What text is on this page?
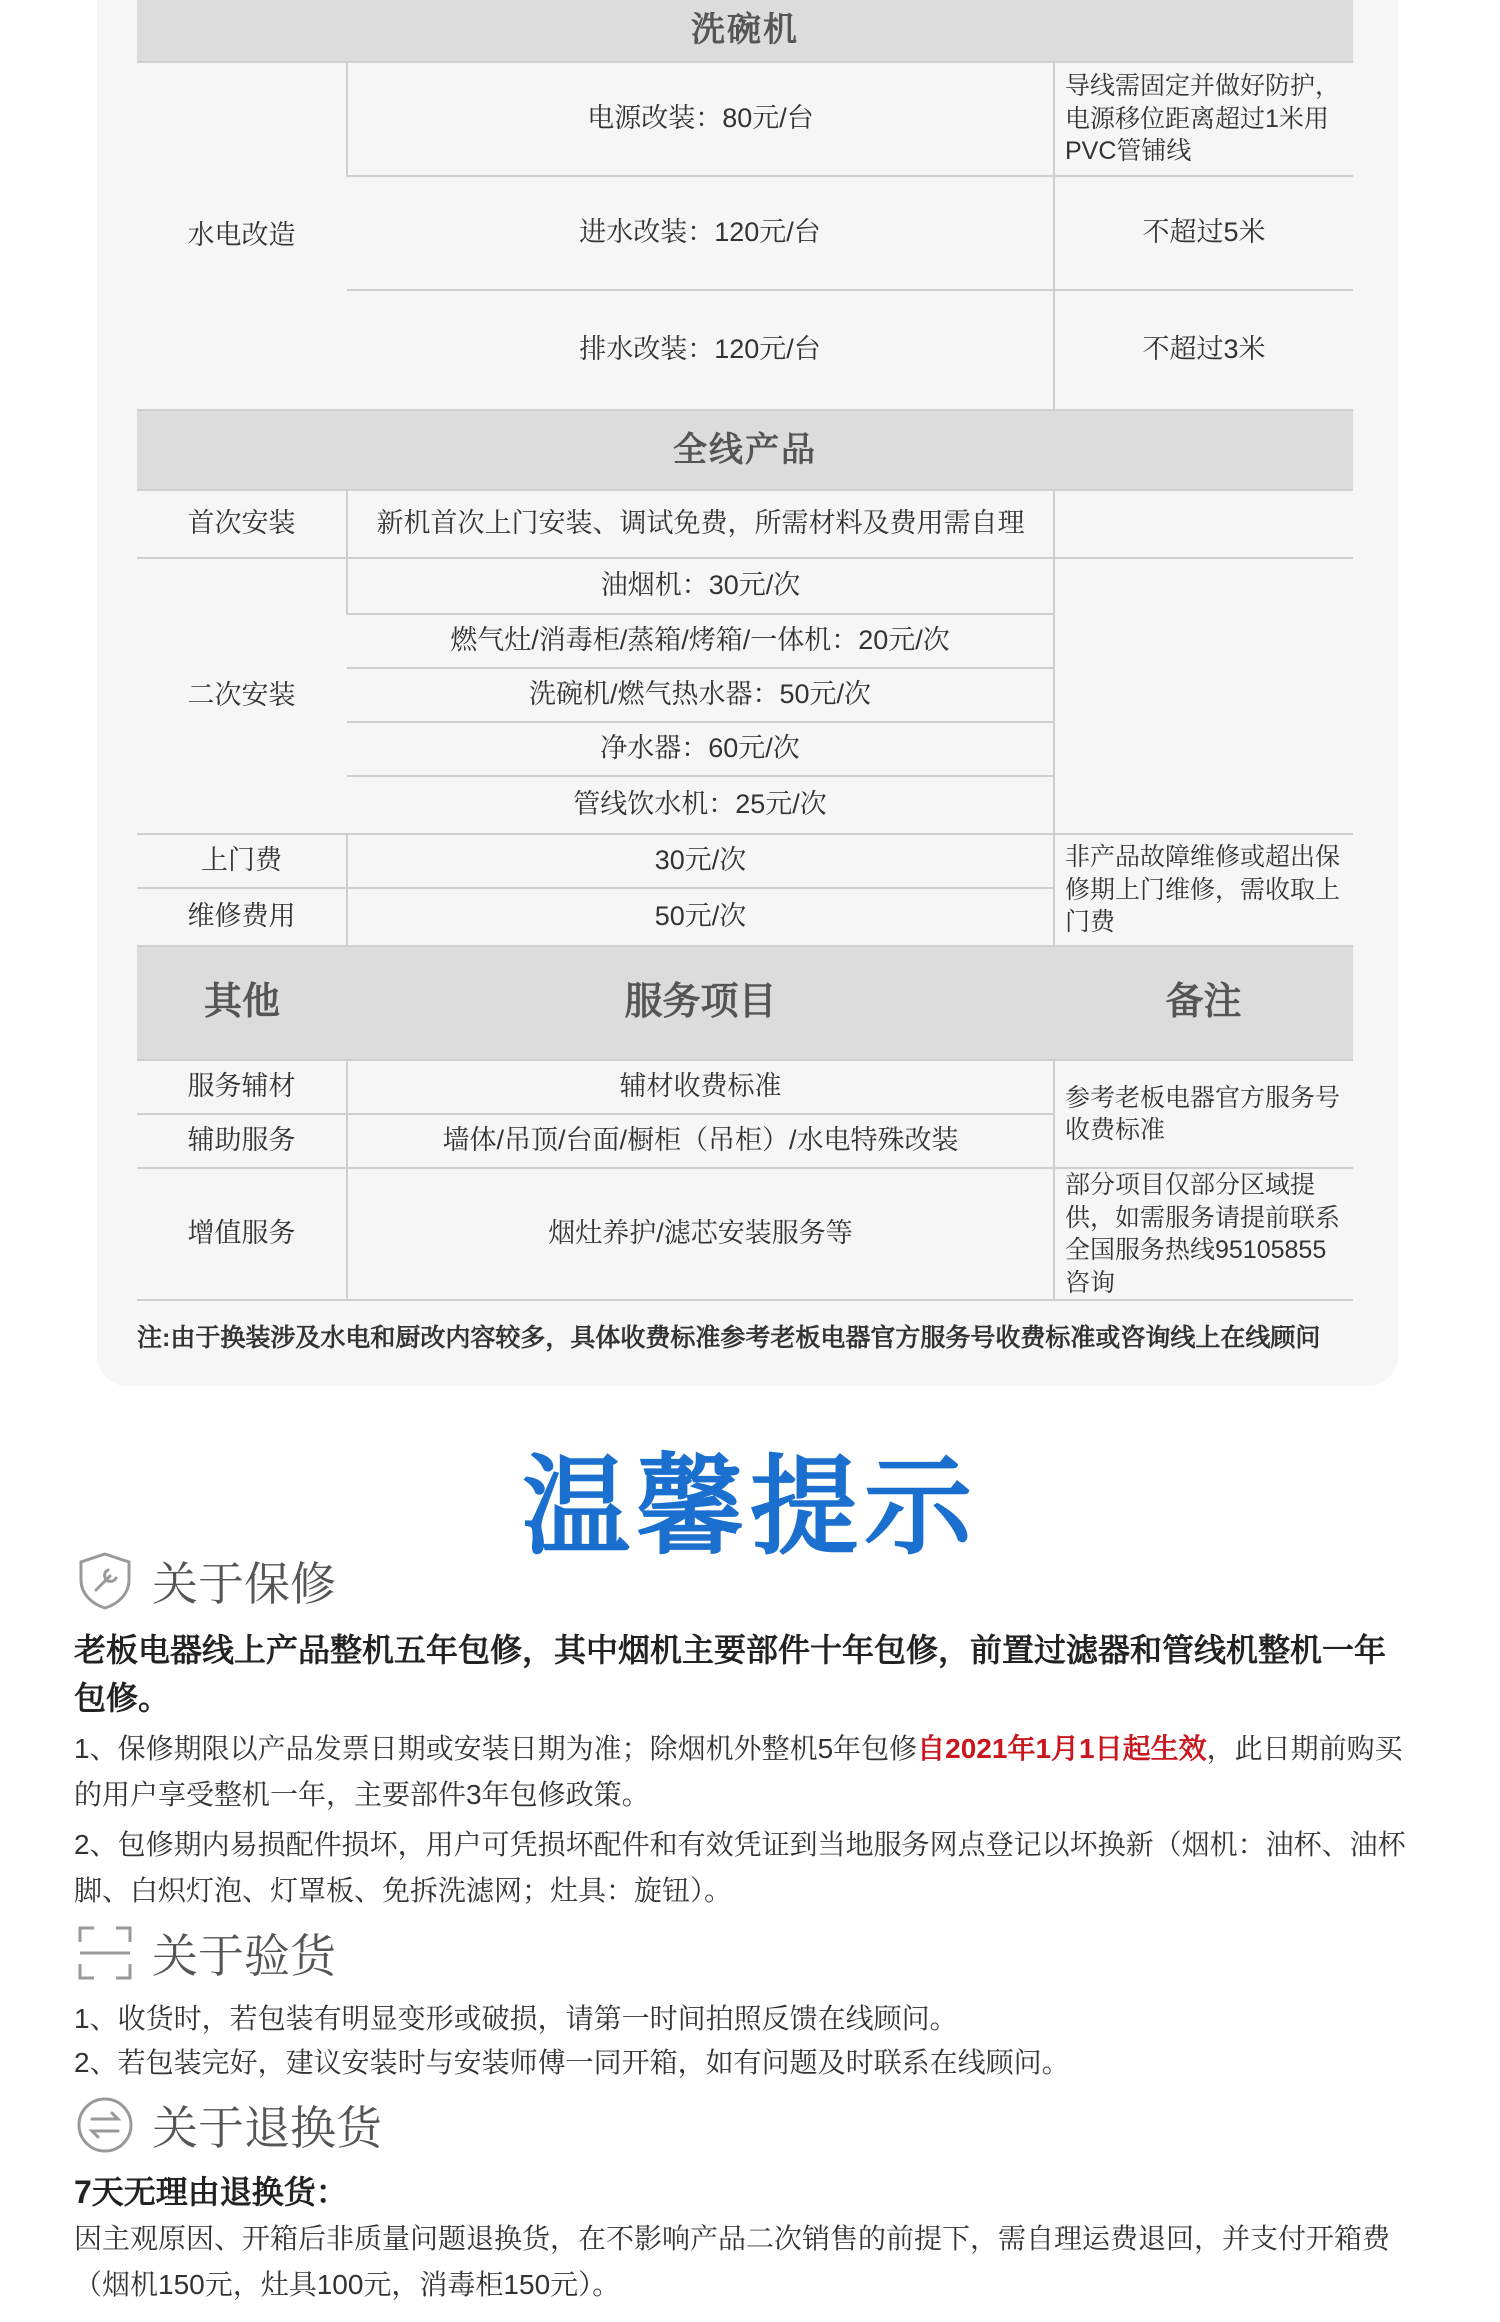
洗碗机		
水电改造	电源改装：80元/台	导线需固定并做好防护，电源移位距离超过1米用PVC管铺线
	进水改装：120元/台	不超过5米
	排水改装：120元/台	不超过3米
全线产品		
首次安装	新机首次上门安装、调试免费，所需材料及费用需自理	
二次安装	油烟机：30元/次	
	燃气灶/消毒柜/蒸箱/烤箱/一体机：20元/次	
	洗碗机/燃气热水器：50元/次	
	净水器：60元/次	
	管线饮水机：25元/次	
上门费	30元/次	非产品故障维修或超出保修期上门维修，需收取上门费
维修费用	50元/次	
其他	服务项目	备注
服务辅材	辅材收费标准	参考老板电器官方服务号收费标准
辅助服务	墙体/吊顶/台面/橱柜（吊柜）/水电特殊改装	
增值服务	烟灶养护/滤芯安装服务等	部分项目仅部分区域提供，如需服务请提前联系全国服务热线95105855咨询
注:由于换装涉及水电和厨改内容较多，具体收费标准参考老板电器官方服务号收费标准或咨询线上在线顾问
温馨提示
关于保修
老板电器线上产品整机五年包修，其中烟机主要部件十年包修，前置过滤器和管线机整机一年包修。
1、保修期限以产品发票日期或安装日期为准；除烟机外整机5年包修自2021年1月1日起生效，此日期前购买的用户享受整机一年，主要部件3年包修政策。
2、包修期内易损配件损坏，用户可凭损坏配件和有效凭证到当地服务网点登记以坏换新（烟机：油杯、油杯脚、白炽灯泡、灯罩板、免拆洗滤网；灶具：旋钮）。
关于验货
1、收货时，若包装有明显变形或破损，请第一时间拍照反馈在线顾问。
2、若包装完好，建议安装时与安装师傅一同开箱，如有问题及时联系在线顾问。
关于退换货
7天无理由退换货：
因主观原因、开箱后非质量问题退换货，在不影响产品二次销售的前提下，需自理运费退回，并支付开箱费（烟机150元，灶具100元，消毒柜150元）。
